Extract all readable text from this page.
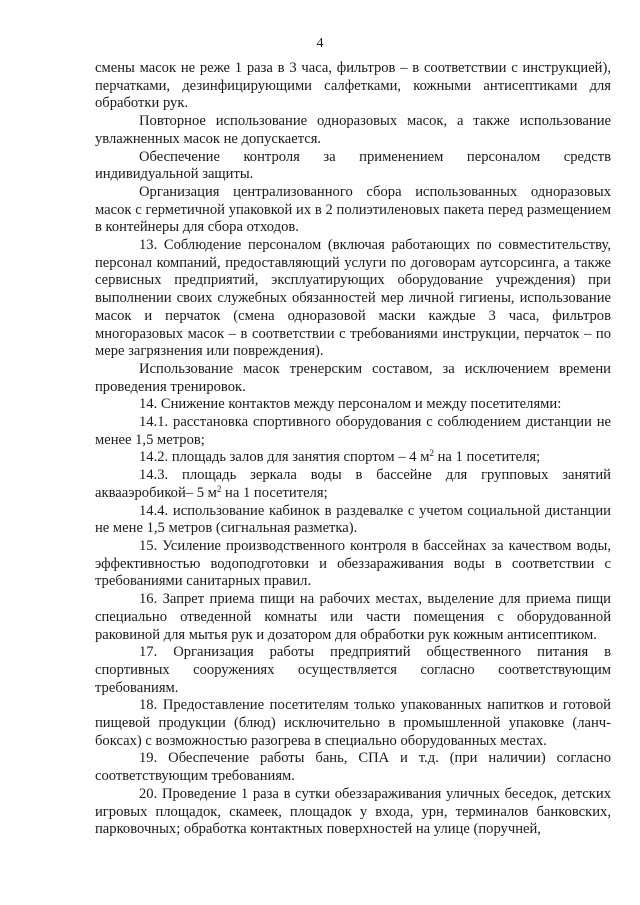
4

смены масок не реже 1 раза в 3 часа, фильтров – в соответствии с инструкцией), перчатками, дезинфицирующими салфетками, кожными антисептиками для обработки рук.

Повторное использование одноразовых масок, а также использование увлажненных масок не допускается.

Обеспечение контроля за применением персоналом средств индивидуальной защиты.

Организация централизованного сбора использованных одноразовых масок с герметичной упаковкой их в 2 полиэтиленовых пакета перед размещением в контейнеры для сбора отходов.

13. Соблюдение персоналом (включая работающих по совместительству, персонал компаний, предоставляющий услуги по договорам аутсорсинга, а также сервисных предприятий, эксплуатирующих оборудование учреждения) при выполнении своих служебных обязанностей мер личной гигиены, использование масок и перчаток (смена одноразовой маски каждые 3 часа, фильтров многоразовых масок – в соответствии с требованиями инструкции, перчаток – по мере загрязнения или повреждения).

Использование масок тренерским составом, за исключением времени проведения тренировок.

14. Снижение контактов между персоналом и между посетителями:

14.1. расстановка спортивного оборудования с соблюдением дистанции не менее 1,5 метров;

14.2. площадь залов для занятия спортом – 4 $м^2$ на 1 посетителя;

14.3. площадь зеркала воды в бассейне для групповых занятий аквааэробикой– 5 $м^2$ на 1 посетителя;

14.4. использование кабинок в раздевалке с учетом социальной дистанции не мене 1,5 метров (сигнальная разметка).

15. Усиление производственного контроля в бассейнах за качеством воды, эффективностью водоподготовки и обеззараживания воды в соответствии с требованиями санитарных правил.

16. Запрет приема пищи на рабочих местах, выделение для приема пищи специально отведенной комнаты или части помещения с оборудованной раковиной для мытья рук и дозатором для обработки рук кожным антисептиком.

17. Организация работы предприятий общественного питания в спортивных сооружениях осуществляется согласно соответствующим требованиям.

18. Предоставление посетителям только упакованных напитков и готовой пищевой продукции (блюд) исключительно в промышленной упаковке (ланч-боксах) с возможностью разогрева в специально оборудованных местах.

19. Обеспечение работы бань, СПА и т.д. (при наличии) согласно соответствующим требованиям.

20. Проведение 1 раза в сутки обеззараживания уличных беседок, детских игровых площадок, скамеек, площадок у входа, урн, терминалов банковских, парковочных; обработка контактных поверхностей на улице (поручней,
